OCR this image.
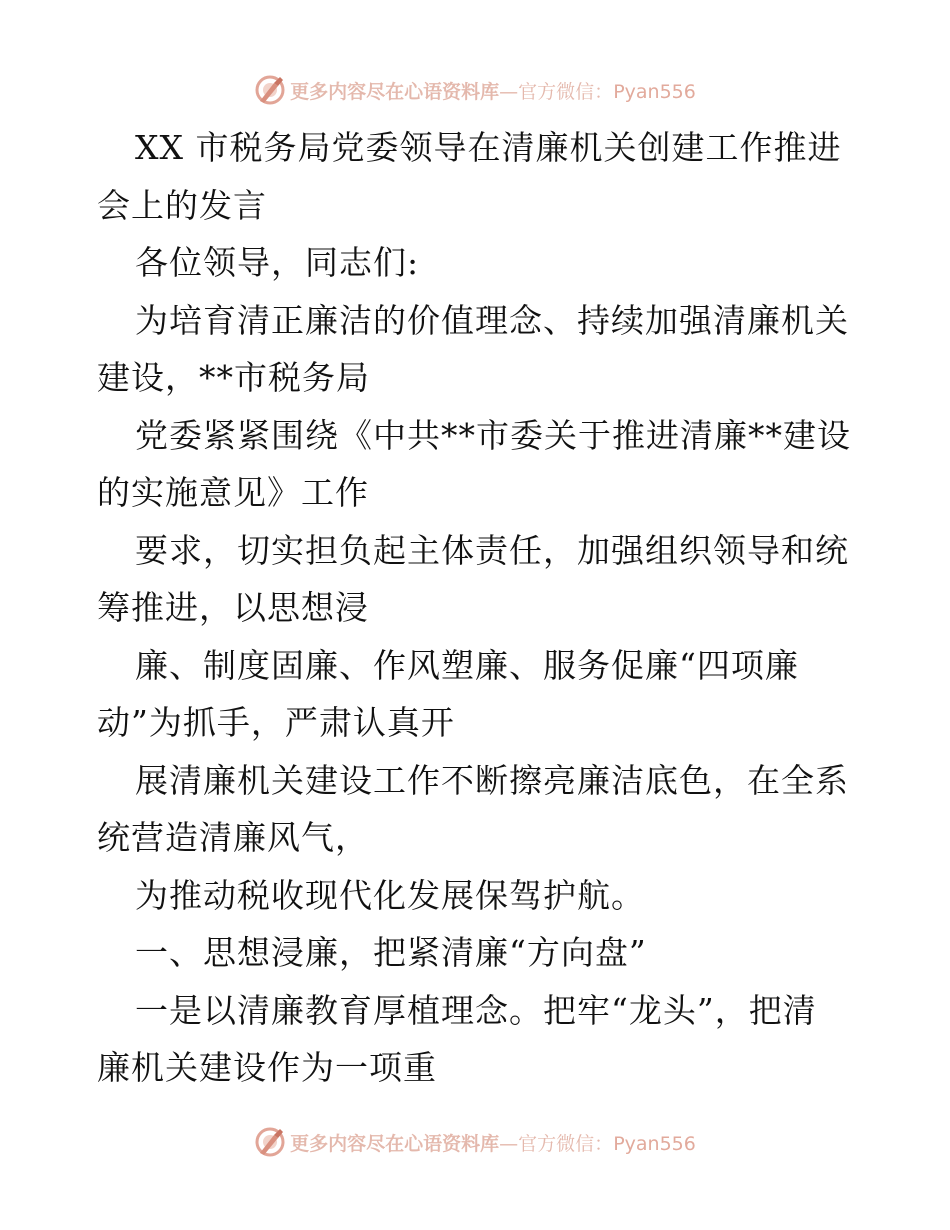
更多内容尽在心语资料库—官方微信：Pyan556
XX 市税务局党委领导在清廉机关创建工作推进
会上的发言
各位领导，同志们:
为培育清正廉洁的价值理念、持续加强清廉机关
建设，**市税务局
党委紧紧围绕《中共**市委关于推进清廉**建设
的实施意见》工作
要求，切实担负起主体责任，加强组织领导和统
筹推进，以思想浸
廉、制度固廉、作风塑廉、服务促廉“四项廉
动”为抓手，严肃认真开
展清廉机关建设工作不断擦亮廉洁底色，在全系
统营造清廉风气，
为推动税收现代化发展保驾护航。
一、思想浸廉，把紧清廉“方向盘”
一是以清廉教育厚植理念。把牢“龙头”，把清
廉机关建设作为一项重
更多内容尽在心语资料库—官方微信：Pyan556
